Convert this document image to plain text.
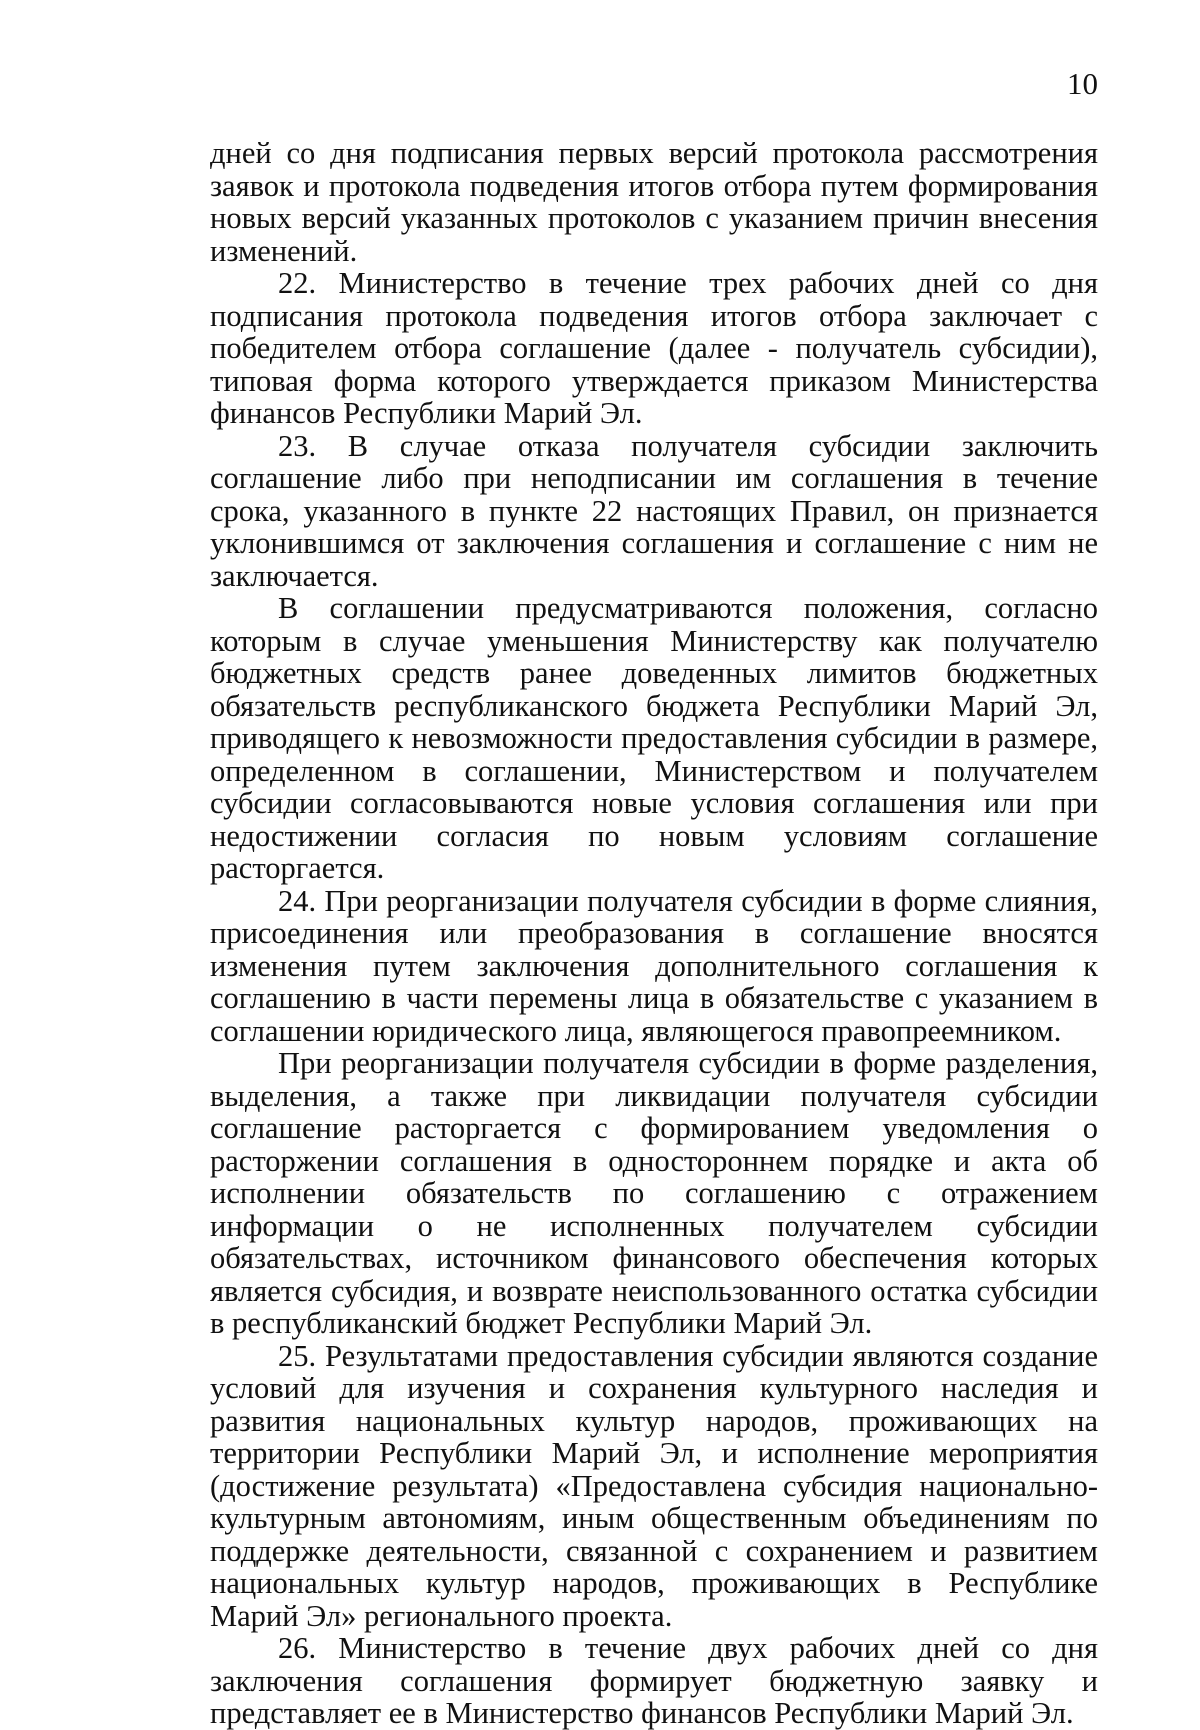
10

дней со дня подписания первых версий протокола рассмотрения заявок и протокола подведения итогов отбора путем формирования новых версий указанных протоколов с указанием причин внесения изменений.

22. Министерство в течение трех рабочих дней со дня подписания протокола подведения итогов отбора заключает с победителем отбора соглашение (далее - получатель субсидии), типовая форма которого утверждается приказом Министерства финансов Республики Марий Эл.

23. В случае отказа получателя субсидии заключить соглашение либо при неподписании им соглашения в течение срока, указанного в пункте 22 настоящих Правил, он признается уклонившимся от заключения соглашения и соглашение с ним не заключается.

В соглашении предусматриваются положения, согласно которым в случае уменьшения Министерству как получателю бюджетных средств ранее доведенных лимитов бюджетных обязательств республиканского бюджета Республики Марий Эл, приводящего к невозможности предоставления субсидии в размере, определенном в соглашении, Министерством и получателем субсидии согласовываются новые условия соглашения или при недостижении согласия по новым условиям соглашение расторгается.

24. При реорганизации получателя субсидии в форме слияния, присоединения или преобразования в соглашение вносятся изменения путем заключения дополнительного соглашения к соглашению в части перемены лица в обязательстве с указанием в соглашении юридического лица, являющегося правопреемником.

При реорганизации получателя субсидии в форме разделения, выделения, а также при ликвидации получателя субсидии соглашение расторгается с формированием уведомления о расторжении соглашения в одностороннем порядке и акта об исполнении обязательств по соглашению с отражением информации о не исполненных получателем субсидии обязательствах, источником финансового обеспечения которых является субсидия, и возврате неиспользованного остатка субсидии в республиканский бюджет Республики Марий Эл.

25. Результатами предоставления субсидии являются создание условий для изучения и сохранения культурного наследия и развития национальных культур народов, проживающих на территории Республики Марий Эл, и исполнение мероприятия (достижение результата) «Предоставлена субсидия национально-культурным автономиям, иным общественным объединениям по поддержке деятельности, связанной с сохранением и развитием национальных культур народов, проживающих в Республике Марий Эл» регионального проекта.

26. Министерство в течение двух рабочих дней со дня заключения соглашения формирует бюджетную заявку и представляет ее в Министерство финансов Республики Марий Эл.
